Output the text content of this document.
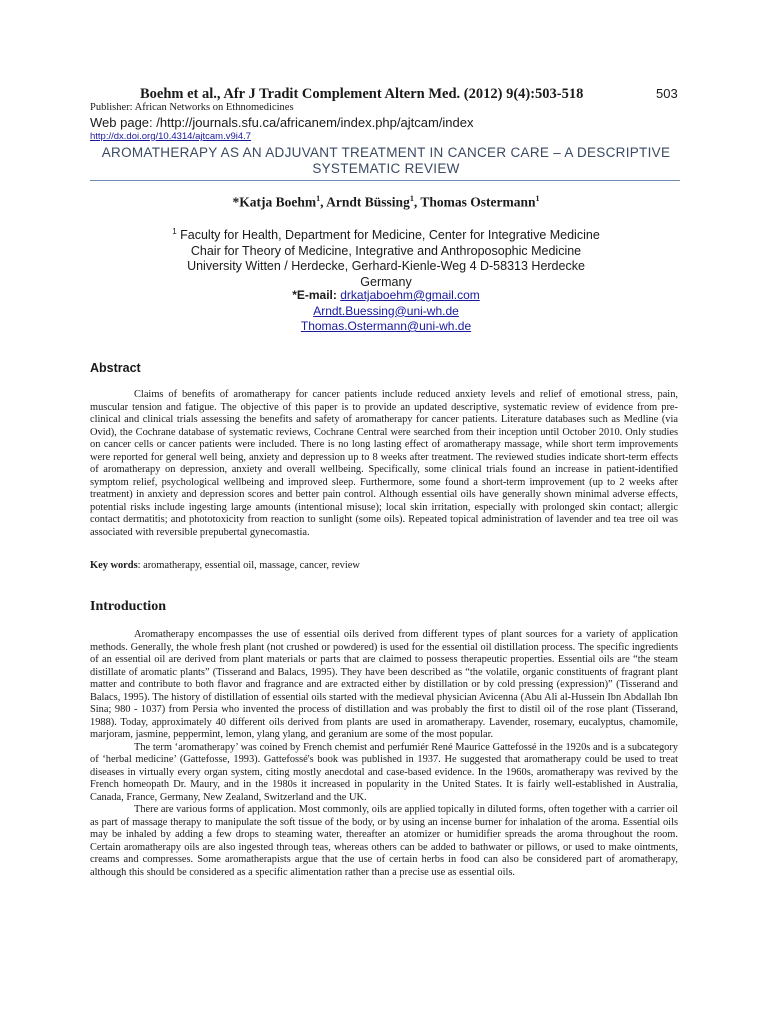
Boehm et al., Afr J Tradit Complement Altern Med. (2012) 9(4):503-518	503
Publisher: African Networks on Ethnomedicines
Web page: /http://journals.sfu.ca/africanem/index.php/ajtcam/index
http://dx.doi.org/10.4314/ajtcam.v9i4.7
AROMATHERAPY AS AN ADJUVANT TREATMENT IN CANCER CARE – A DESCRIPTIVE SYSTEMATIC REVIEW
*Katja Boehm$^1$, Arndt Büssing$^1$, Thomas Ostermann$^1$
$^1$ Faculty for Health, Department for Medicine, Center for Integrative Medicine
Chair for Theory of Medicine, Integrative and Anthroposophic Medicine
University Witten / Herdecke, Gerhard-Kienle-Weg 4 D-58313 Herdecke
Germany
*E-mail: drkatjaboehm@gmail.com
Arndt.Buessing@uni-wh.de
Thomas.Ostermann@uni-wh.de
Abstract

Claims of benefits of aromatherapy for cancer patients include reduced anxiety levels and relief of emotional stress, pain, muscular tension and fatigue. The objective of this paper is to provide an updated descriptive, systematic review of evidence from pre-clinical and clinical trials assessing the benefits and safety of aromatherapy for cancer patients. Literature databases such as Medline (via Ovid), the Cochrane database of systematic reviews, Cochrane Central were searched from their inception until October 2010. Only studies on cancer cells or cancer patients were included. There is no long lasting effect of aromatherapy massage, while short term improvements were reported for general well being, anxiety and depression up to 8 weeks after treatment. The reviewed studies indicate short-term effects of aromatherapy on depression, anxiety and overall wellbeing. Specifically, some clinical trials found an increase in patient-identified symptom relief, psychological wellbeing and improved sleep. Furthermore, some found a short-term improvement (up to 2 weeks after treatment) in anxiety and depression scores and better pain control. Although essential oils have generally shown minimal adverse effects, potential risks include ingesting large amounts (intentional misuse); local skin irritation, especially with prolonged skin contact; allergic contact dermatitis; and phototoxicity from reaction to sunlight (some oils). Repeated topical administration of lavender and tea tree oil was associated with reversible prepubertal gynecomastia.

Key words: aromatherapy, essential oil, massage, cancer, review
Introduction

Aromatherapy encompasses the use of essential oils derived from different types of plant sources for a variety of application methods. Generally, the whole fresh plant (not crushed or powdered) is used for the essential oil distillation process. The specific ingredients of an essential oil are derived from plant materials or parts that are claimed to possess therapeutic properties. Essential oils are “the steam distillate of aromatic plants” (Tisserand and Balacs, 1995). They have been described as “the volatile, organic constituents of fragrant plant matter and contribute to both flavor and fragrance and are extracted either by distillation or by cold pressing (expression)” (Tisserand and Balacs, 1995). The history of distillation of essential oils started with the medieval physician Avicenna (Abu Ali al-Hussein Ibn Abdallah Ibn Sina; 980 - 1037) from Persia who invented the process of distillation and was probably the first to distil oil of the rose plant (Tisserand, 1988). Today, approximately 40 different oils derived from plants are used in aromatherapy. Lavender, rosemary, eucalyptus, chamomile, marjoram, jasmine, peppermint, lemon, ylang ylang, and geranium are some of the most popular.

The term ‘aromatherapy’ was coined by French chemist and perfumiér René Maurice Gattefossé in the 1920s and is a subcategory of ‘herbal medicine’ (Gattefosse, 1993). Gattefossé's book was published in 1937. He suggested that aromatherapy could be used to treat diseases in virtually every organ system, citing mostly anecdotal and case-based evidence. In the 1960s, aromatherapy was revived by the French homeopath Dr. Maury, and in the 1980s it increased in popularity in the United States. It is fairly well-established in Australia, Canada, France, Germany, New Zealand, Switzerland and the UK.

There are various forms of application. Most commonly, oils are applied topically in diluted forms, often together with a carrier oil as part of massage therapy to manipulate the soft tissue of the body, or by using an incense burner for inhalation of the aroma. Essential oils may be inhaled by adding a few drops to steaming water, thereafter an atomizer or humidifier spreads the aroma throughout the room. Certain aromatherapy oils are also ingested through teas, whereas others can be added to bathwater or pillows, or used to make ointments, creams and compresses. Some aromatherapists argue that the use of certain herbs in food can also be considered part of aromatherapy, although this should be considered as a specific alimentation rather than a precise use as essential oils.
